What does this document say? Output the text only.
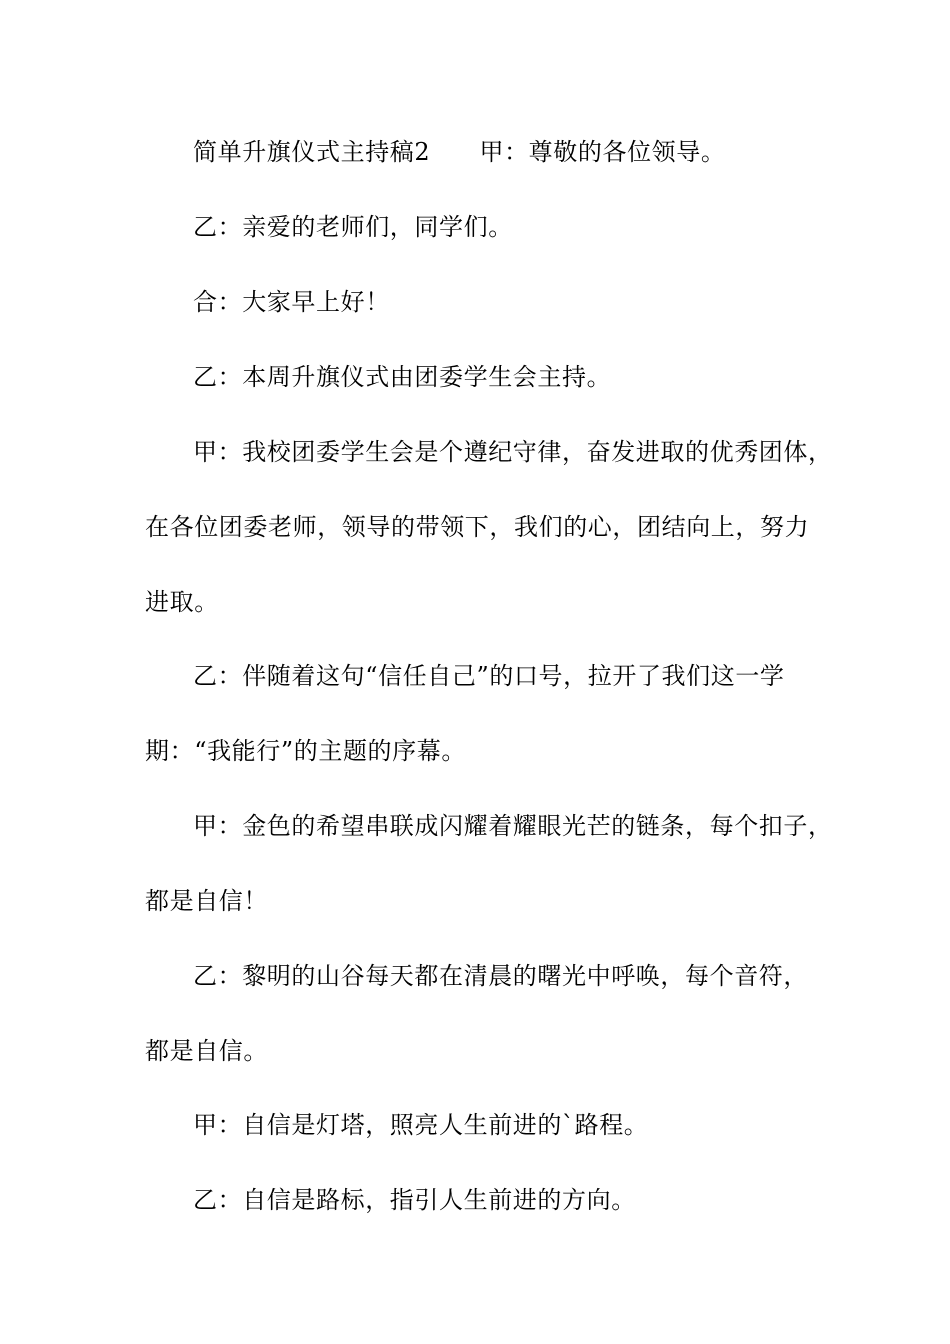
简单升旗仪式主持稿2　　甲：尊敬的各位领导。
乙：亲爱的老师们，同学们。
合：大家早上好！
乙：本周升旗仪式由团委学生会主持。
甲：我校团委学生会是个遵纪守律，奋发进取的优秀团体，
在各位团委老师，领导的带领下，我们的心，团结向上，努力
进取。
乙：伴随着这句“信任自己”的口号，拉开了我们这一学
期：“我能行”的主题的序幕。
甲：金色的希望串联成闪耀着耀眼光芒的链条，每个扣子，
都是自信！
乙：黎明的山谷每天都在清晨的曙光中呼唤，每个音符，
都是自信。
甲：自信是灯塔，照亮人生前进的`路程。
乙：自信是路标，指引人生前进的方向。
